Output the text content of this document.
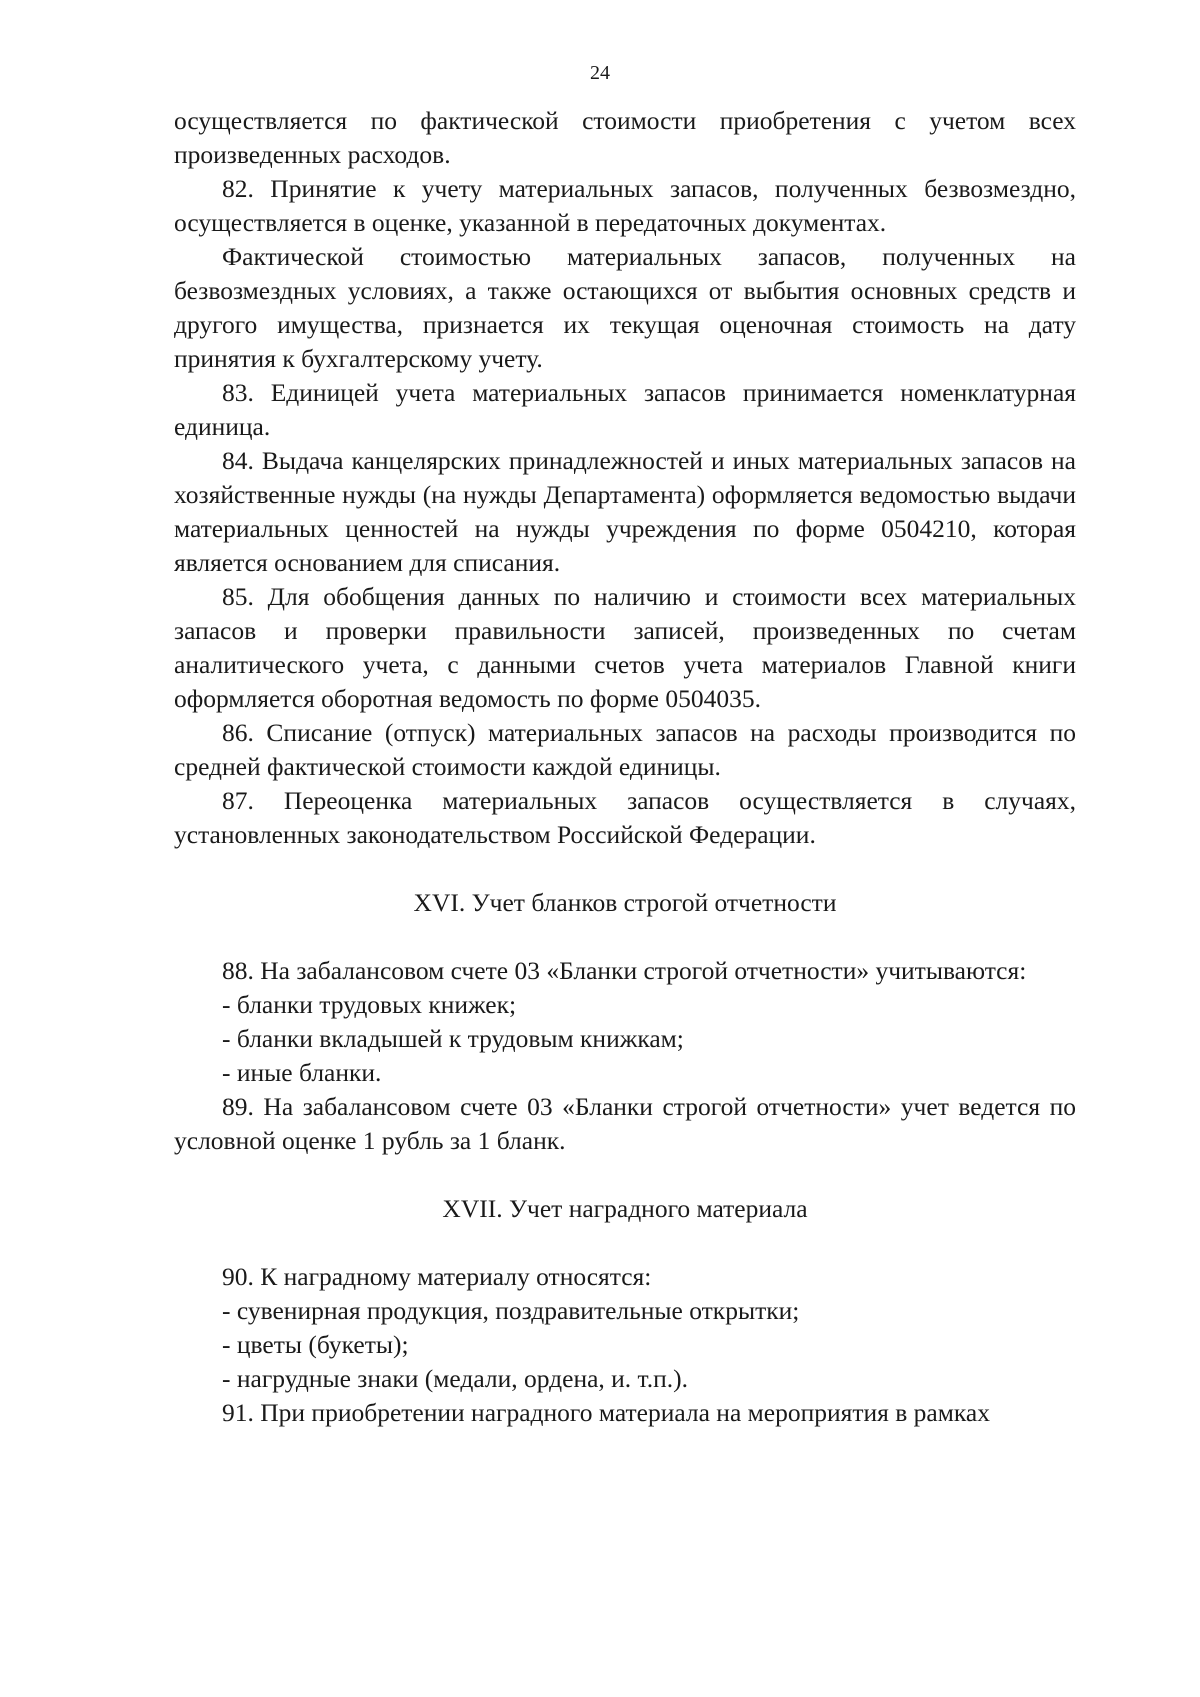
24

осуществляется по фактической стоимости приобретения с учетом всех произведенных расходов.

82. Принятие к учету материальных запасов, полученных безвозмездно, осуществляется в оценке, указанной в передаточных документах.

Фактической стоимостью материальных запасов, полученных на безвозмездных условиях, а также остающихся от выбытия основных средств и другого имущества, признается их текущая оценочная стоимость на дату принятия к бухгалтерскому учету.

83. Единицей учета материальных запасов принимается номенклатурная единица.

84. Выдача канцелярских принадлежностей и иных материальных запасов на хозяйственные нужды (на нужды Департамента) оформляется ведомостью выдачи материальных ценностей на нужды учреждения по форме 0504210, которая является основанием для списания.

85. Для обобщения данных по наличию и стоимости всех материальных запасов и проверки правильности записей, произведенных по счетам аналитического учета, с данными счетов учета материалов Главной книги оформляется оборотная ведомость по форме 0504035.

86. Списание (отпуск) материальных запасов на расходы производится по средней фактической стоимости каждой единицы.

87. Переоценка материальных запасов осуществляется в случаях, установленных законодательством Российской Федерации.

XVI. Учет бланков строгой отчетности

88. На забалансовом счете 03 «Бланки строгой отчетности» учитываются:

- бланки трудовых книжек;

- бланки вкладышей к трудовым книжкам;

- иные бланки.

89. На забалансовом счете 03 «Бланки строгой отчетности» учет ведется по условной оценке 1 рубль за 1 бланк.

XVII. Учет наградного материала

90. К наградному материалу относятся:

- сувенирная продукция, поздравительные открытки;

- цветы (букеты);

- нагрудные знаки (медали, ордена, и. т.п.).

91. При приобретении наградного материала на мероприятия в рамках
